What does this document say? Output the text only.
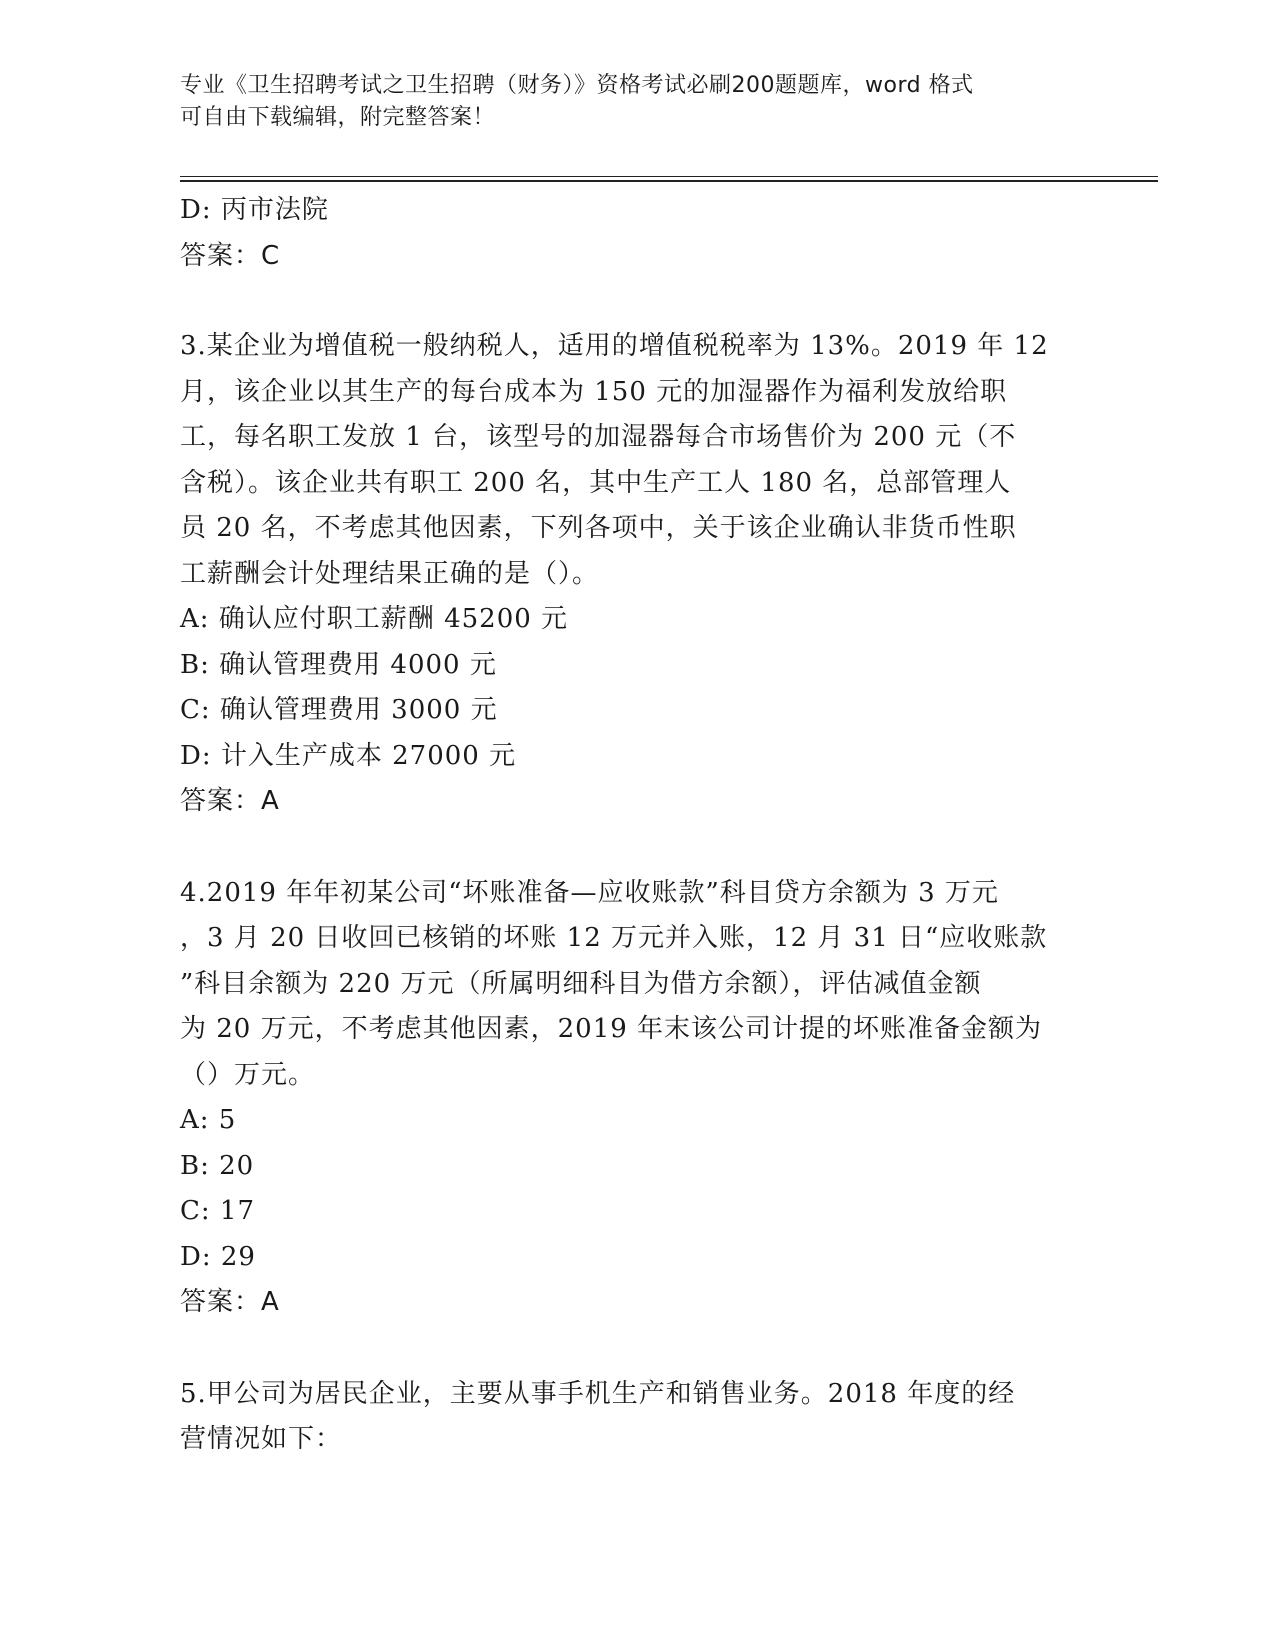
专业《卫生招聘考试之卫生招聘（财务）》资格考试必刷200题题库，word 格式
可自由下载编辑，附完整答案！

D: 丙市法院

答案：C

3.某企业为增值税一般纳税人，适用的增值税税率为 13%。2019 年 12

月，该企业以其生产的每台成本为 150 元的加湿器作为福利发放给职

工，每名职工发放 1 台，该型号的加湿器每合市场售价为 200 元（不

含税）。该企业共有职工 200 名，其中生产工人 180 名，总部管理人

员 20 名，不考虑其他因素，下列各项中，关于该企业确认非货币性职

工薪酬会计处理结果正确的是（）。

A: 确认应付职工薪酬 45200 元

B: 确认管理费用 4000 元

C: 确认管理费用 3000 元

D: 计入生产成本 27000 元

答案：A

4.2019 年年初某公司“坏账准备—应收账款”科目贷方余额为 3 万元

，3 月 20 日收回已核销的坏账 12 万元并入账，12 月 31 日“应收账款

”科目余额为 220 万元（所属明细科目为借方余额），评估减值金额

为 20 万元，不考虑其他因素，2019 年末该公司计提的坏账准备金额为

（）万元。

A: 5

B: 20

C: 17

D: 29

答案：A

5.甲公司为居民企业，主要从事手机生产和销售业务。2018 年度的经

营情况如下：
